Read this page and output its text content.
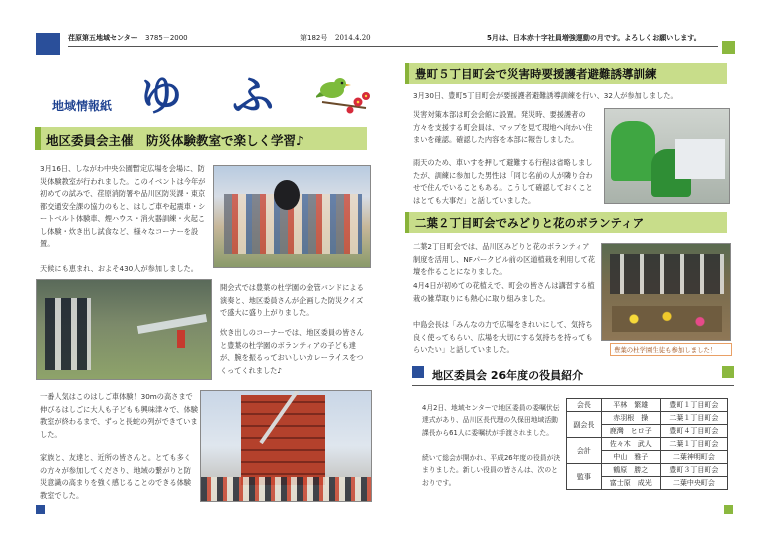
荏原第五地域センター 3785－2000	第182号 2014.4.20	5月は、日本赤十字社員増強運動の月です。よろしくお願いします。
地域情報紙 ゆ　ふ
地区委員会主催　防災体験教室で楽しく学習♪
3月16日、しながわ中央公園暫定広場を会場に、防災体験教室が行われました。このイベントは今年が初めての試みで、荏原消防署や品川区防災課・東京都交通安全課の協力のもと、はしご車や起震車・シートベルト体験車、煙ハウス・消火器訓練・火起こし体験・炊き出し試食など、様々なコーナーを設置。
天候にも恵まれ、およそ430人が参加しました。
開会式では豊葉の杜学園の金管バンドによる演奏と、地区委員さんが企画した防災クイズで盛大に盛り上がりました。
炊き出しのコーナーでは、地区委員の皆さんと豊葉の杜学園のボランティアの子ども達が、腕を振るっておいしいカレーライスをつくってくれました♪
一番人気はこのはしご車体験！30mの高さまで伸びるはしごに大人も子どもも興味津々で、体験教室が終わるまで、ずっと長蛇の列ができていました。
家族と、友達と、近所の皆さんと。とても多くの方々が参加してくださり、地域の繋がりと防災意識の高まりを強く感じることのできる体験教室でした。
豊町５丁目町会で災害時要援護者避難誘導訓練
3月30日、豊町5丁目町会が要援護者避難誘導訓練を行い、32人が参加しました。
災害対策本部は町会会館に設置。発災時、要援護者の方々を支援する町会員は、マップを見て現地へ向かい住まいを確認。確認した内容を本部に報告しました。
雨天のため、車いすを押して避難する行程は省略しましたが、訓練に参加した男性は「同じ名前の人が隣り合わせで住んでいることもある。こうして確認しておくことはとても大事だ」と話していました。
二葉２丁目町会でみどりと花のボランティア
二葉2丁目町会では、品川区みどりと花のボランティア制度を活用し、NFパークビル前の区道植栽を利用して花壇を作ることになりました。
4月4日が初めての花植えで、町会の皆さんは講習する植栽の雑草取りにも熱心に取り組みました。
中島会長は「みんなの力で広場をきれいにして、気持ち良く使ってもらい、広場を大切にする気持ちを持ってもらいたい」と話していました。	豊葉の杜学園生徒も参加しました！
地区委員会 26年度の役員紹介
4月2日、地域センターで地区委員の委嘱伏伝達式があり、品川区長代理の久保田地域活動課長から61人に委嘱状が手渡されました。
続いて総会が開かれ、平成26年度の役員が決まりました。新しい役員の皆さんは、次のとおりです。
会長	平林　繁雄	豊町１丁目町会
副会長	赤羽根　操	二葉１丁目町会
	鹿灣　ヒロ子	豊町４丁目町会
会計	佐々木　武人	二葉１丁目町会
	中山　雅子	二葉神明町会
監事	鶴原　勝之	豊町３丁目町会
	富士原　成光	二葉中央町会
